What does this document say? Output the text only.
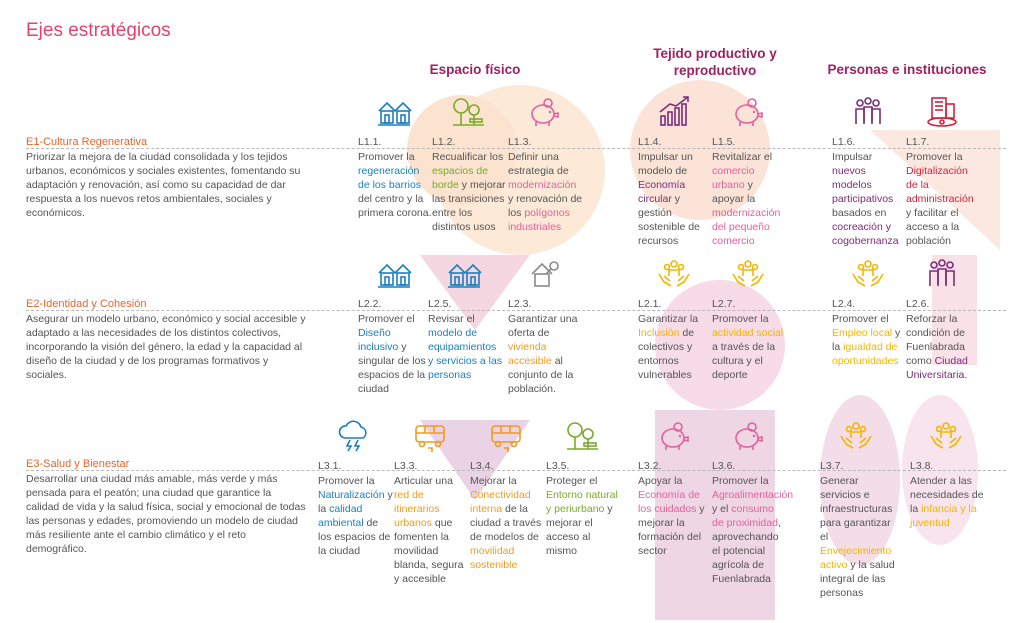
Ejes estratégicos
Espacio físico
Tejido productivo y reproductivo	Personas e instituciones
E1-Cultura Regenerativa
Priorizar la mejora de la ciudad consolidada y los tejidos urbanos, económicos y sociales existentes, fomentando su adaptación y renovación, así como su capacidad de dar respuesta a los nuevos retos ambientales, sociales y económicos.
E2-Identidad y Cohesión
Asegurar un modelo urbano, económico y social accesible y adaptado a las necesidades de los distintos colectivos, incorporando la visión del género, la edad y la capacidad al diseño de la ciudad y de los programas formativos y sociales.
E3-Salud y Bienestar
Desarrollar una ciudad más amable, más verde y más pensada para el peatón; una ciudad que garantice la calidad de vida y la salud física, social y emocional de todas las personas y edades, promoviendo un modelo de ciudad más resiliente ante el cambio climático y el reto demográfico.
L1.1.
Promover la regeneración de los barrios del centro y la primera corona.
L1.2.
Recualificar los espacios de borde y mejorar las transiciones entre los distintos usos
L1.3.
Definir una estrategia de modernización y renovación de los polígonos industriales
L1.4.
Impulsar un modelo de Economía circular y gestión sostenible de recursos
L1.5.
Revitalizar el comercio urbano y apoyar la modernización del pequeño comercio
L1.6.
Impulsar nuevos modelos participativos basados en cocreación y cogobernanza
L1.7.
Promover la Digitalización de la administración y facilitar el acceso a la población
L2.2.
Promover el Diseño inclusivo y singular de los espacios de la ciudad
L2.5.
Revisar el modelo de equipamientos y servicios a las personas
L2.3.
Garantizar una oferta de vivienda accesible al conjunto de la población.
L2.1.
Garantizar la Inclusión de colectivos y entornos vulnerables
L2.7.
Promover la actividad social a través de la cultura y el deporte
L2.4.
Promover el Empleo local y la igualdad de oportunidades
L2.6.
Reforzar la condición de Fuenlabrada como Ciudad Universitaria.
L3.1.
Promover la Naturalización y la calidad ambiental de los espacios de la ciudad
L3.3.
Articular una red de itinerarios urbanos que fomenten la movilidad blanda, segura y accesible
L3.4.
Mejorar la Conectividad interna de la ciudad a través de modelos de movilidad sostenible
L3.5.
Proteger el Entorno natural y periurbano y mejorar el acceso al mismo
L3.2.
Apoyar la Economía de los cuidados y mejorar la formación del sector
L3.6.
Promover la Agroalimentación y el consumo de proximidad, aprovechando el potencial agrícola de Fuenlabrada
L3.7.
Generar servicios e infraestructuras para garantizar el Envejecimiento activo y la salud integral de las personas
L3.8.
Atender a las necesidades de la infancia y la juventud
